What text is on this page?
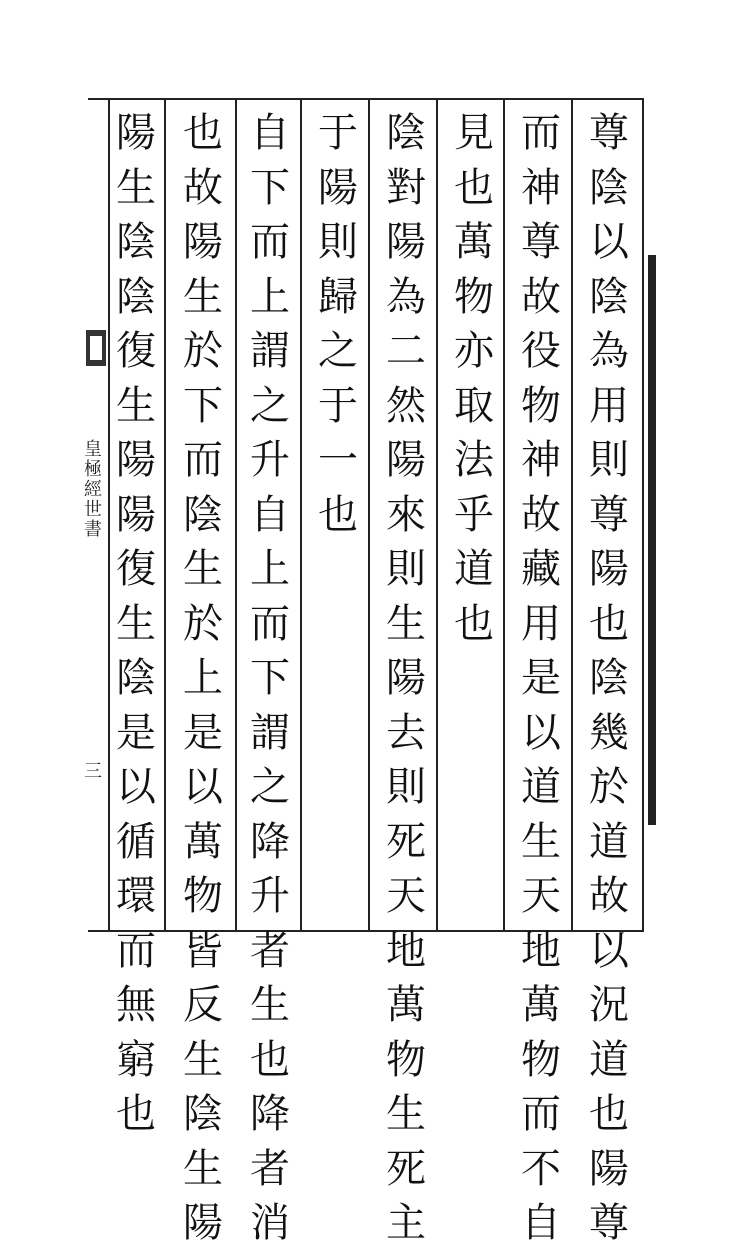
尊陰以陰為用則尊陽也陰幾於道故以況道也陽尊
而神尊故役物神故藏用是以道生天地萬物而不自
見也萬物亦取法乎道也
陰對陽為二然陽來則生陽去則死天地萬物生死主
于陽則歸之于一也
自下而上謂之升自上而下謂之降升者生也降者消
也故陽生於下而陰生於上是以萬物皆反生陰生陽
陽生陰陰復生陽陽復生陰是以循環而無窮也
皇極經世書
三
